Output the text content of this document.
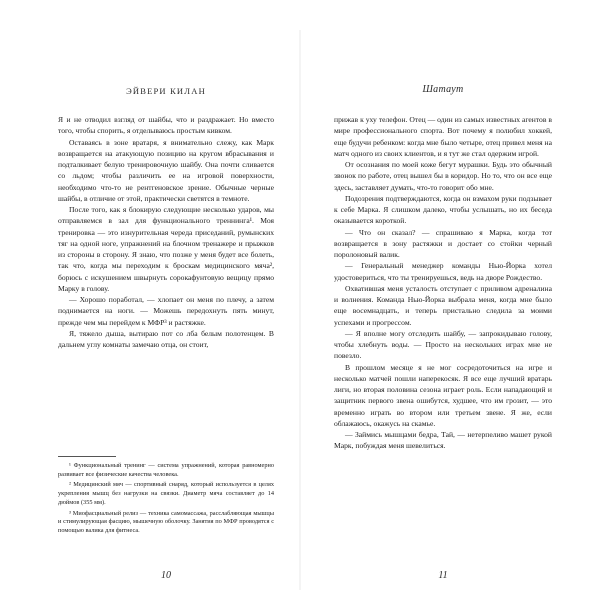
ЭЙВЕРИ КИЛАН

Я и не отводил взгляд от шайбы, что и раздражает. Но вместо того, чтобы спорить, я отделываюсь простым кивком.

Оставаясь в зоне вратаря, я внимательно слежу, как Марк возвращается на атакующую позицию на кругом вбрасывания и подталкивает белую тренировочную шайбу. Она почти сливается со льдом; чтобы различить ее на игровой поверхности, необходимо что-то не рентгеновское зрение. Обычные черные шайбы, в отличие от этой, практически светятся в темноте.

После того, как я блокирую следующие несколько ударов, мы отправляемся в зал для функционального треннинга¹. Моя тренировка — это изнурительная череда приседаний, румынских тяг на одной ноге, упражнений на блочном тренажере и прыжков из стороны в сторону. Я знаю, что позже у меня будет все болеть, так что, когда мы переходим к броскам медицинского мяча², борюсь с искушением швырнуть сорокафунтовую вещицу прямо Марку в голову.

— Хорошо поработал, — хлопает он меня по плечу, а затем поднимается на ноги. — Можешь передохнуть пять минут, прежде чем мы перейдем к МФР³ и растяжке.

Я, тяжело дыша, вытираю пот со лба белым полотенцем. В дальнем углу комнаты замечаю отца, он стоит,

¹ Функциональный тренинг — система упражнений, которая равномерно развивает все физические качества человека.

² Медицинский мяч — спортивный снаряд, который используется в целях укрепления мышц без нагрузки на связки. Диаметр мяча составляет до 14 дюймов (355 мм).

³ Миофасциальный релиз — техника самомассажа, расслабляющая мышцы и стимулирующая фасцию, мышечную оболочку. Занятия по МФР проводятся с помощью валика для фитнеса.

10
Шатаут

прижав к уху телефон. Отец — один из самых известных агентов в мире профессионального спорта. Вот почему я полюбил хоккей, еще будучи ребенком: когда мне было четыре, отец привел меня на матч одного из своих клиентов, и я тут же стал одержим игрой.

От осознания по моей коже бегут мурашки. Будь это обычный звонок по работе, отец вышел бы в коридор. Но то, что он все еще здесь, заставляет думать, что-то говорит обо мне.

Подозрения подтверждаются, когда он взмахом руки подзывает к себе Марка. Я слишком далеко, чтобы услышать, но их беседа оказывается короткой.

— Что он сказал? — спрашиваю я Марка, когда тот возвращается в зону растяжки и достает со стойки черный поролоновый валик.

— Генеральный менеджер команды Нью-Йорка хотел удостовериться, что ты тренируешься, ведь на дворе Рождество.

Охватившая меня усталость отступает с приливом адреналина и волнения. Команда Нью-Йорка выбрала меня, когда мне было еще восемнадцать, и теперь пристально следила за моими успехами и прогрессом.

— Я вполне могу отследить шайбу, — запрокидываю голову, чтобы хлебнуть воды. — Просто на нескольких играх мне не повезло.

В прошлом месяце я не мог сосредоточиться на игре и несколько матчей пошли наперекосяк. Я все еще лучший вратарь лиги, но вторая половина сезона играет роль. Если нападающий и защитник первого звена ошибутся, худшее, что им грозит, — это временно играть во втором или третьем звене. Я же, если облажаюсь, окажусь на скамье.

— Займись мышцами бедра, Тай, — нетерпеливо машет рукой Марк, побуждая меня шевелиться.

11
